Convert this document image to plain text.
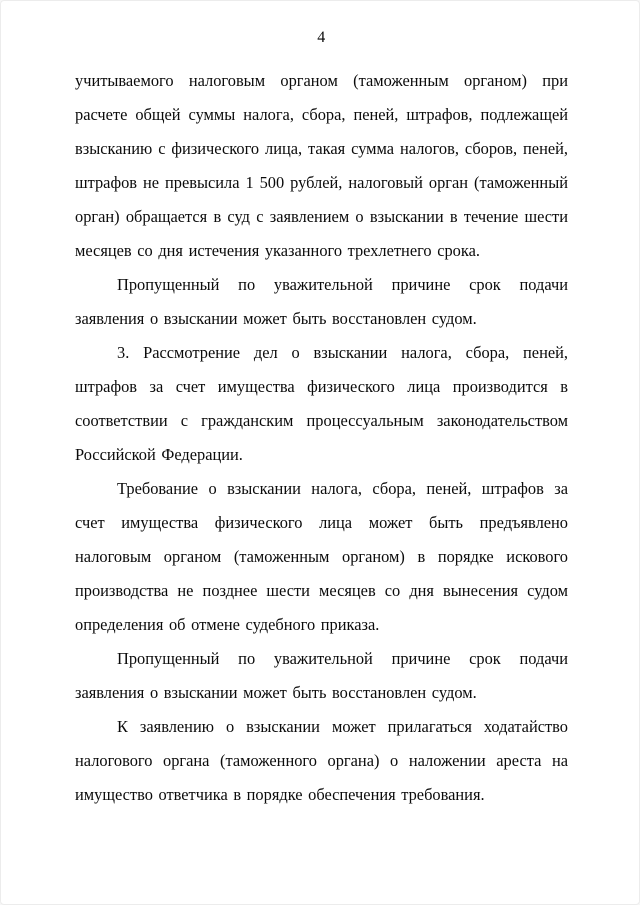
4

учитываемого налоговым органом (таможенным органом) при расчете общей суммы налога, сбора, пеней, штрафов, подлежащей взысканию с физического лица, такая сумма налогов, сборов, пеней, штрафов не превысила 1 500 рублей, налоговый орган (таможенный орган) обращается в суд с заявлением о взыскании в течение шести месяцев со дня истечения указанного трехлетнего срока.

Пропущенный по уважительной причине срок подачи заявления о взыскании может быть восстановлен судом.

3. Рассмотрение дел о взыскании налога, сбора, пеней, штрафов за счет имущества физического лица производится в соответствии с гражданским процессуальным законодательством Российской Федерации.

Требование о взыскании налога, сбора, пеней, штрафов за счет имущества физического лица может быть предъявлено налоговым органом (таможенным органом) в порядке искового производства не позднее шести месяцев со дня вынесения судом определения об отмене судебного приказа.

Пропущенный по уважительной причине срок подачи заявления о взыскании может быть восстановлен судом.

К заявлению о взыскании может прилагаться ходатайство налогового органа (таможенного органа) о наложении ареста на имущество ответчика в порядке обеспечения требования.
